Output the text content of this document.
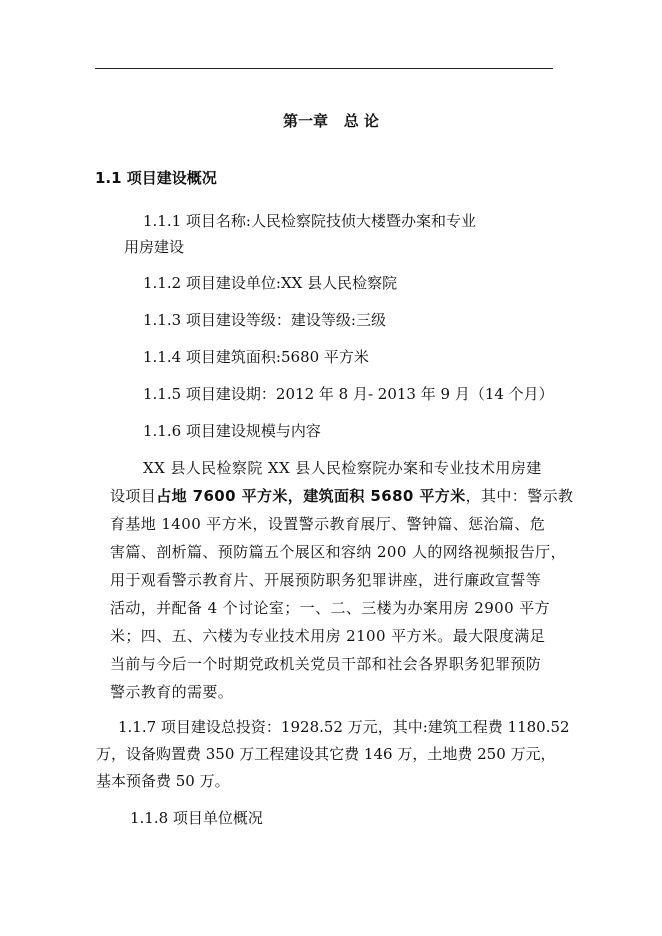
第一章   总 论
1.1 项目建设概况
1.1.1 项目名称:人民检察院技侦大楼暨办案和专业
用房建设
1.1.2 项目建设单位:XX 县人民检察院
1.1.3 项目建设等级：建设等级:三级
1.1.4 项目建筑面积:5680 平方米
1.1.5 项目建设期：2012 年 8 月- 2013 年 9 月（14 个月）
1.1.6 项目建设规模与内容
XX 县人民检察院 XX 县人民检察院办案和专业技术用房建
设项目占地 7600 平方米，建筑面积 5680 平方米，其中：警示教
育基地 1400 平方米，设置警示教育展厅、警钟篇、惩治篇、危
害篇、剖析篇、预防篇五个展区和容纳 200 人的网络视频报告厅，
用于观看警示教育片、开展预防职务犯罪讲座，进行廉政宣誓等
活动，并配备 4 个讨论室；一、二、三楼为办案用房 2900 平方
米；四、五、六楼为专业技术用房 2100 平方米。最大限度满足
当前与今后一个时期党政机关党员干部和社会各界职务犯罪预防
警示教育的需要。
1.1.7 项目建设总投资：1928.52 万元，其中:建筑工程费 1180.52
万，设备购置费 350 万工程建设其它费 146 万，土地费 250 万元，
基本预备费 50 万。
1.1.8 项目单位概况
